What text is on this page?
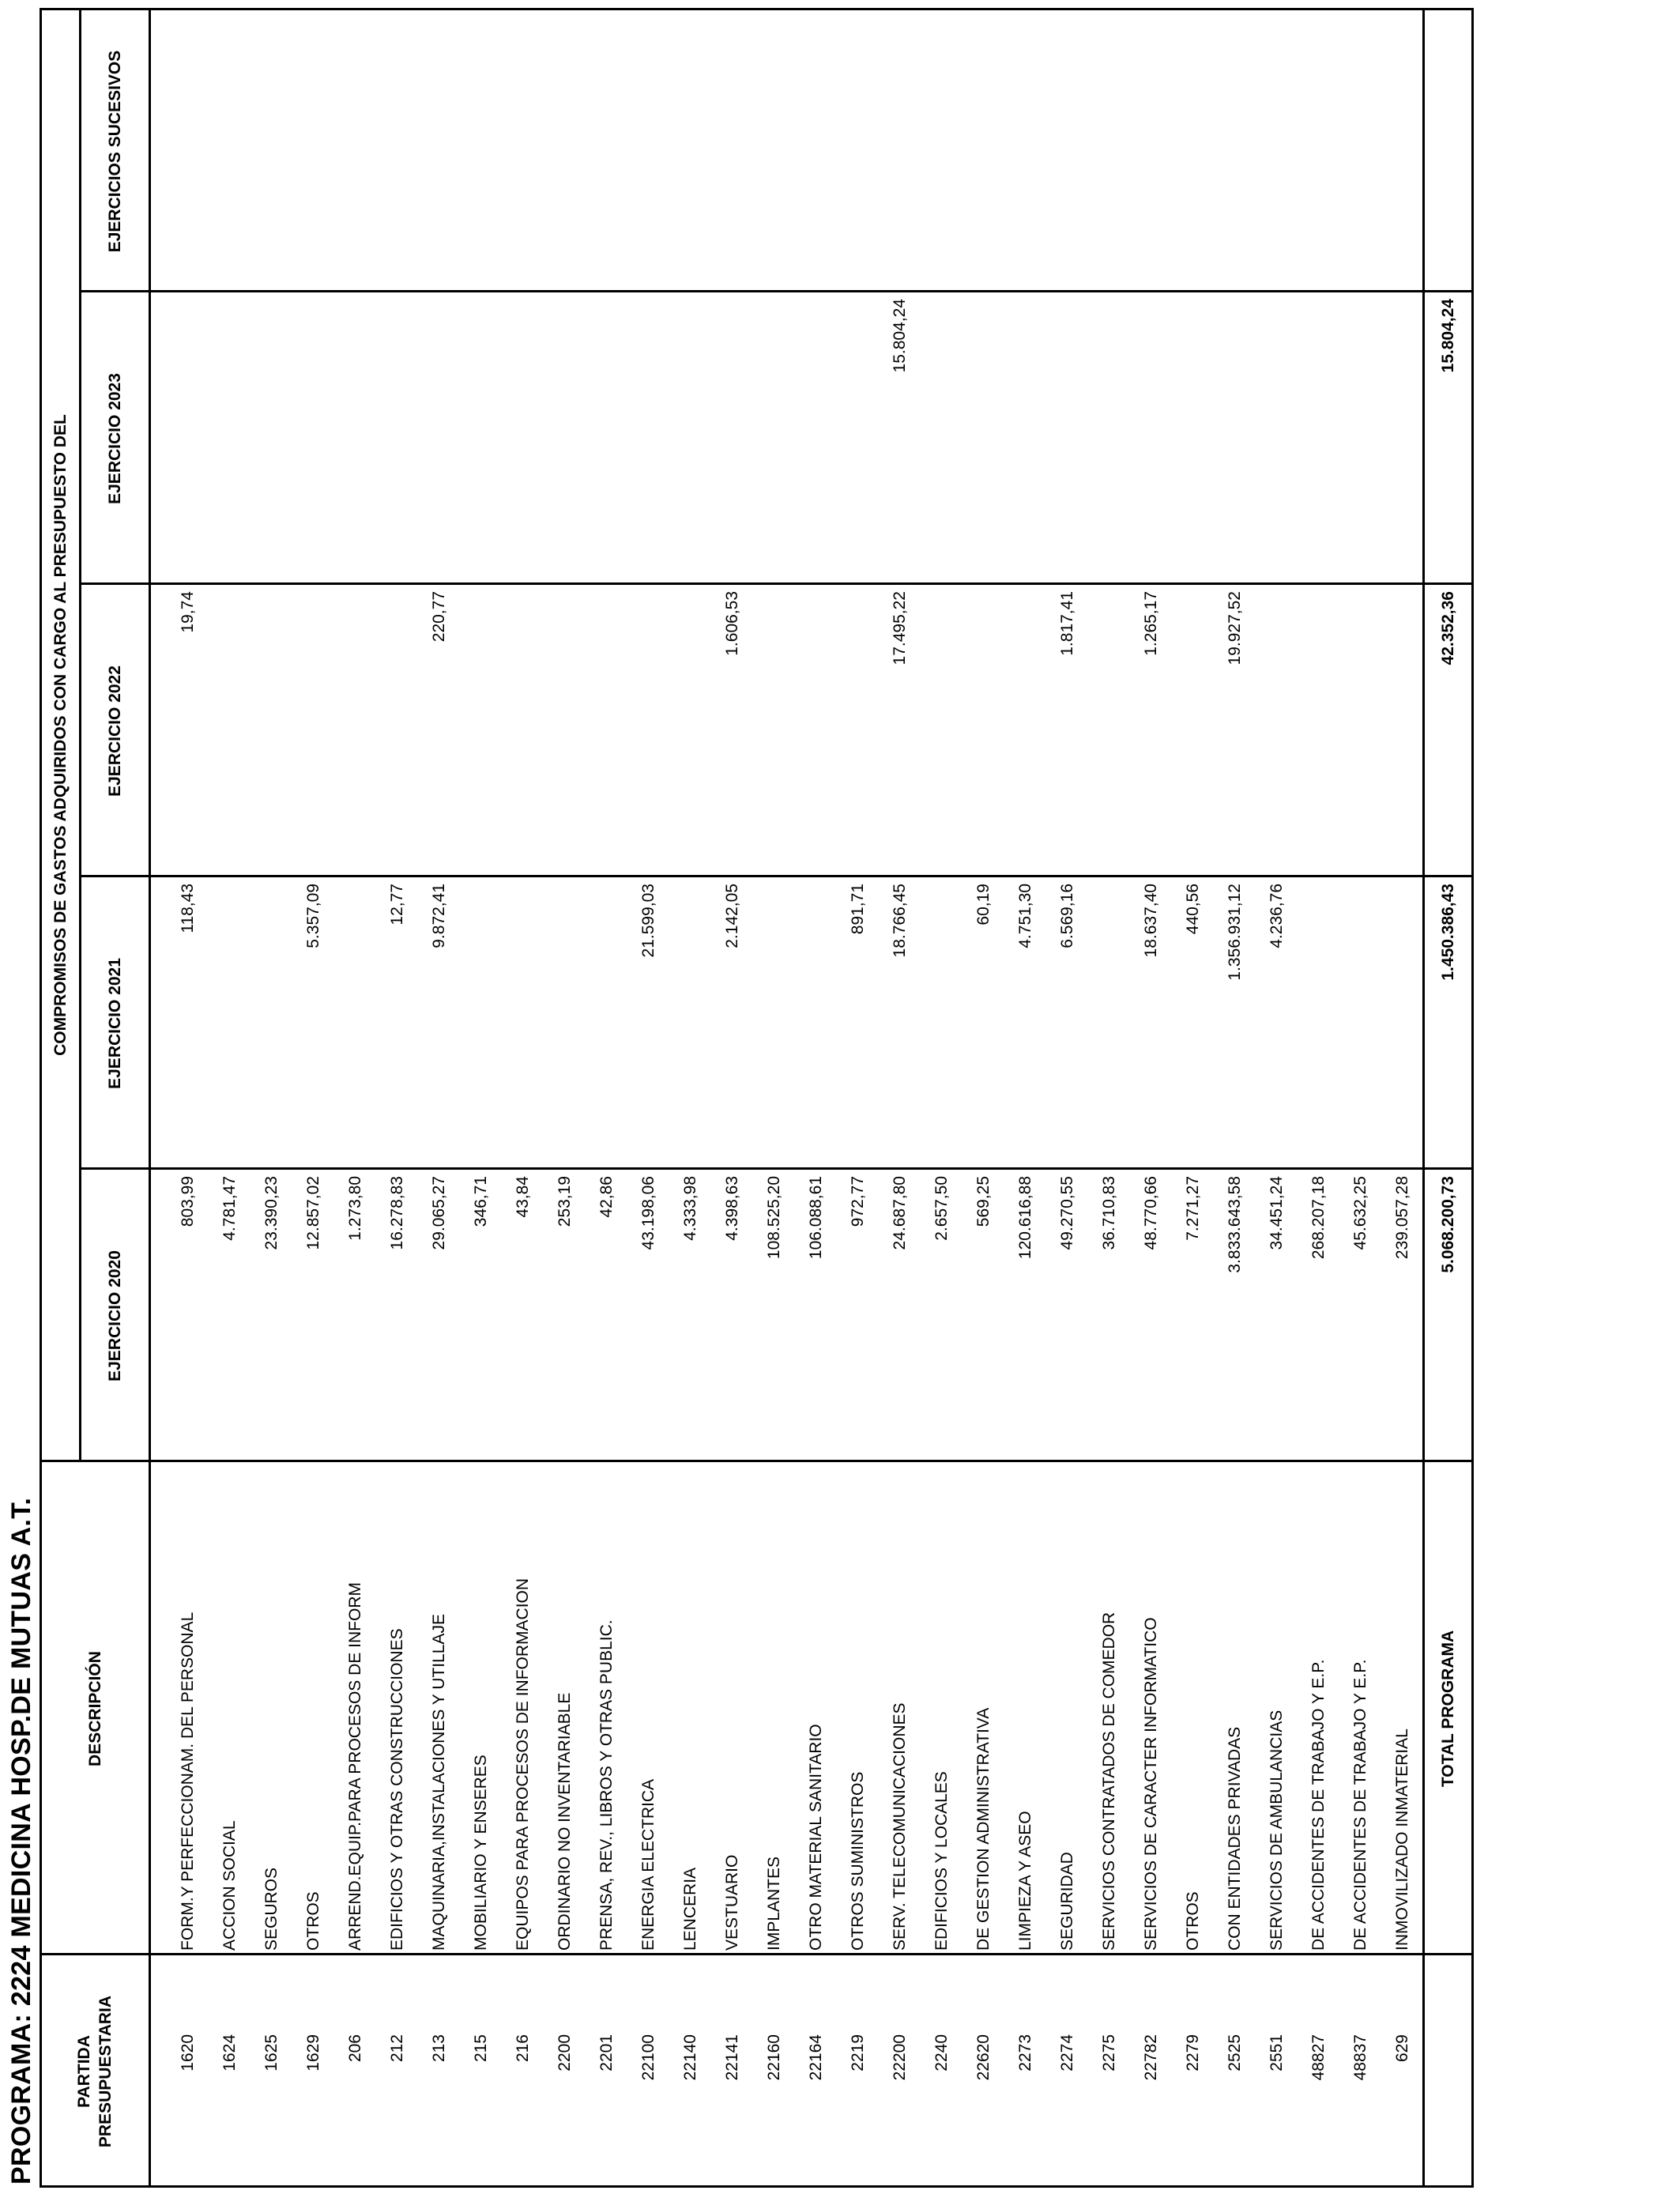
PROGRAMA: 2224 MEDICINA HOSP.DE MUTUAS A.T. PARTIDA PRESUPUESTARIA
DESCRIPCIÓN
COMPROMISOS DE GASTOS ADQUIRIDOS CON CARGO AL PRESUPUESTO DEL
EJERCICIO 2020
EJERCICIO 2021
EJERCICIO 2022
EJERCICIO 2023
EJERCICIOS SUCESIVOS
TOTAL PROGRAMA
5.068.200,73
1.450.386,43
42.352,36
15.804,24
1620
FORM.Y PERFECCIONAM. DEL PERSONAL
803,99
118,43
19,74
1624
ACCION SOCIAL
4.781,47
1625
SEGUROS
23.390,23
1629
OTROS
12.857,02
5.357,09
206
ARREND.EQUIP.PARA PROCESOS DE INFORM
1.273,80
212
EDIFICIOS Y OTRAS CONSTRUCCIONES
16.278,83
12,77
213
MAQUINARIA,INSTALACIONES Y UTILLAJE
29.065,27
9.872,41
220,77
215
MOBILIARIO Y ENSERES
346,71
216
EQUIPOS PARA PROCESOS DE INFORMACION
43,84
2200
ORDINARIO NO INVENTARIABLE
253,19
2201
PRENSA, REV., LIBROS Y OTRAS PUBLIC.
42,86
22100
ENERGIA ELECTRICA
43.198,06
21.599,03
22140
LENCERIA
4.333,98
22141
VESTUARIO
4.398,63
2.142,05
1.606,53
22160
IMPLANTES
108.525,20
22164
OTRO MATERIAL SANITARIO
106.088,61
2219
OTROS SUMINISTROS
972,77
891,71
22200
SERV. TELECOMUNICACIONES
24.687,80
18.766,45
17.495,22
15.804,24
2240
EDIFICIOS Y LOCALES
2.657,50
22620
DE GESTION ADMINISTRATIVA
569,25
60,19
2273
LIMPIEZA Y ASEO
120.616,88
4.751,30
2274
SEGURIDAD
49.270,55
6.569,16
1.817,41
2275
SERVICIOS CONTRATADOS DE COMEDOR
36.710,83
22782
SERVICIOS DE CARACTER INFORMATICO
48.770,66
18.637,40
1.265,17
2279
OTROS
7.271,27
440,56
2525
CON ENTIDADES PRIVADAS
3.833.643,58
1.356.931,12
19.927,52
2551
SERVICIOS DE AMBULANCIAS
34.451,24
4.236,76
48827
DE ACCIDENTES DE TRABAJO Y E.P.
268.207,18
48837
DE ACCIDENTES DE TRABAJO Y E.P.
45.632,25
629
INMOVILIZADO INMATERIAL
239.057,28
